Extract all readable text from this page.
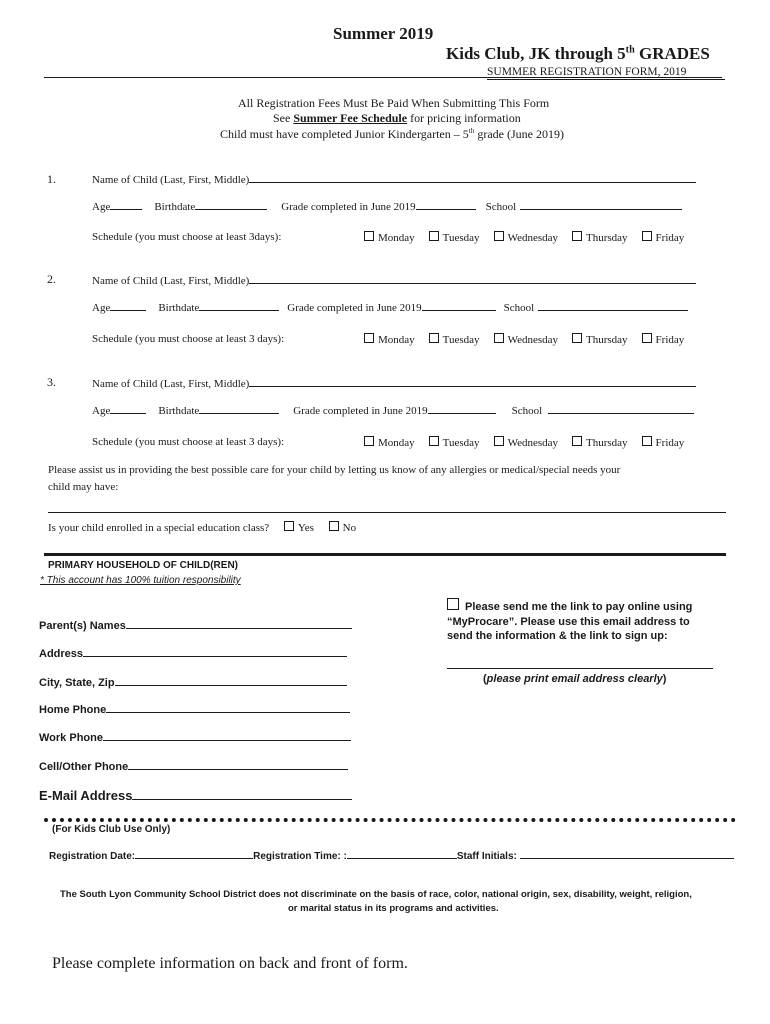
Summer 2019
Kids Club, JK through 5th GRADES
SUMMER REGISTRATION FORM, 2019
All Registration Fees Must Be Paid When Submitting This Form
See Summer Fee Schedule for pricing information
Child must have completed Junior Kindergarten – 5th grade (June 2019)
1.	Name of Child (Last, First, Middle)
Age	Birthdate	Grade completed in June 2019	School
Schedule (you must choose at least 3days):	Monday	Tuesday	Wednesday	Thursday	Friday
2.	Name of Child (Last, First, Middle)
Age	Birthdate	Grade completed in June 2019	School
Schedule (you must choose at least 3 days):	Monday	Tuesday	Wednesday	Thursday	Friday
3.	Name of Child (Last, First, Middle)
Age	Birthdate	Grade completed in June 2019	School
Schedule (you must choose at least 3 days):	Monday	Tuesday	Wednesday	Thursday	Friday
Please assist us in providing the best possible care for your child by letting us know of any allergies or medical/special needs your
child may have:
Is your child enrolled in a special education class?	Yes	No
PRIMARY HOUSEHOLD OF CHILD(REN)
* This account has 100% tuition responsibility
Parent(s) Names
Address
City, State, Zip
Home Phone
Work Phone
Cell/Other Phone
E-Mail Address
Please send me the link to pay online using
“MyProcare”. Please use this email address to
send the information & the link to sign up:
(please print email address clearly)
(For Kids Club Use Only)
Registration Date:	Registration Time: :	Staff Initials:
The South Lyon Community School District does not discriminate on the basis of race, color, national origin, sex, disability, weight, religion,
or marital status in its programs and activities.
Please complete information on back and front of form.
